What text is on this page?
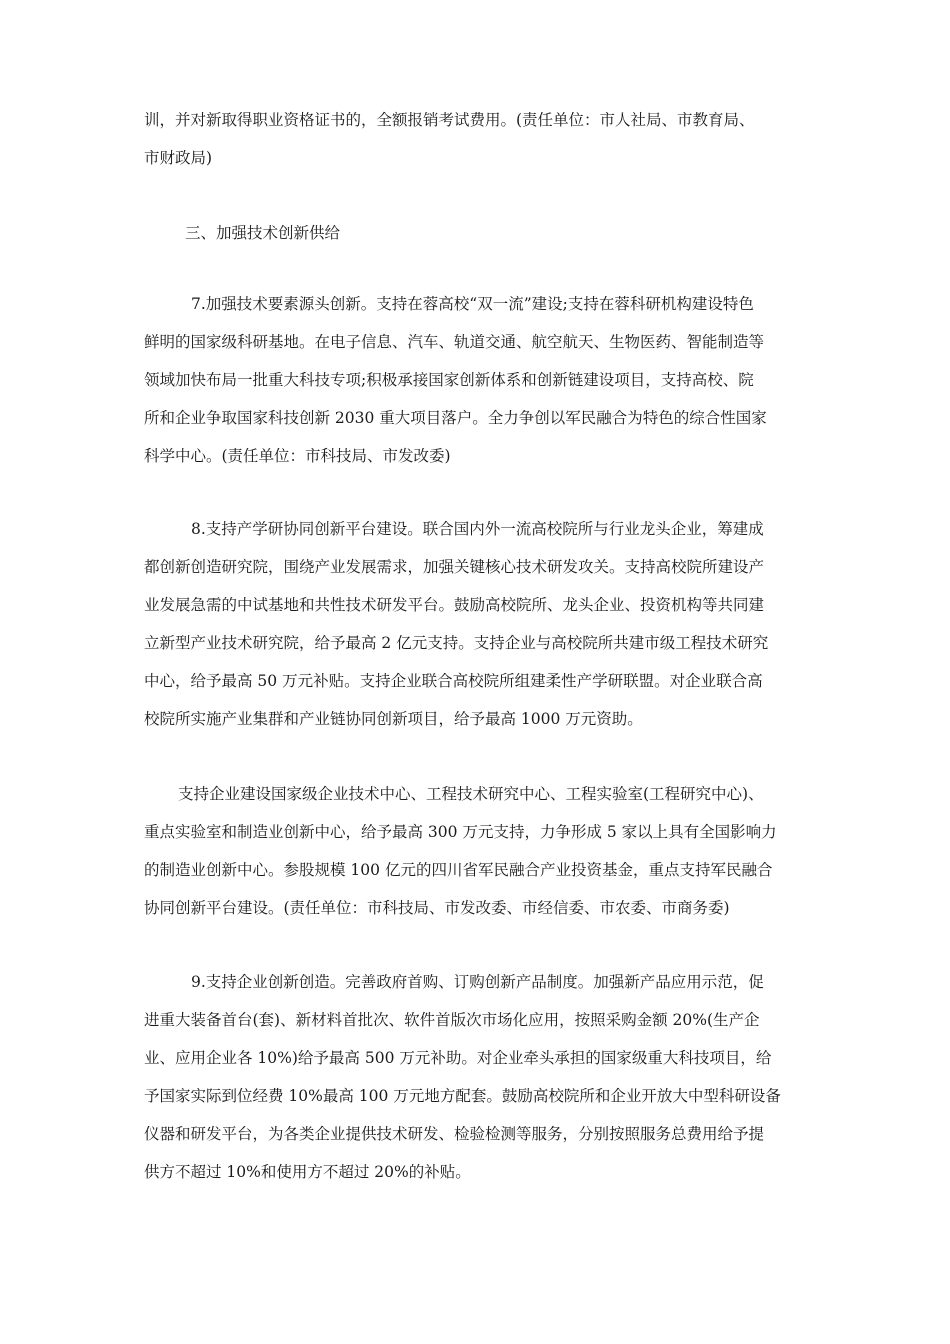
训，并对新取得职业资格证书的，全额报销考试费用。(责任单位：市人社局、市教育局、
市财政局)
三、加强技术创新供给
7.加强技术要素源头创新。支持在蓉高校“双一流”建设;支持在蓉科研机构建设特色
鲜明的国家级科研基地。在电子信息、汽车、轨道交通、航空航天、生物医药、智能制造等
领域加快布局一批重大科技专项;积极承接国家创新体系和创新链建设项目，支持高校、院
所和企业争取国家科技创新 2030 重大项目落户。全力争创以军民融合为特色的综合性国家
科学中心。(责任单位：市科技局、市发改委)
8.支持产学研协同创新平台建设。联合国内外一流高校院所与行业龙头企业，筹建成
都创新创造研究院，围绕产业发展需求，加强关键核心技术研发攻关。支持高校院所建设产
业发展急需的中试基地和共性技术研发平台。鼓励高校院所、龙头企业、投资机构等共同建
立新型产业技术研究院，给予最高 2 亿元支持。支持企业与高校院所共建市级工程技术研究
中心，给予最高 50 万元补贴。支持企业联合高校院所组建柔性产学研联盟。对企业联合高
校院所实施产业集群和产业链协同创新项目，给予最高 1000 万元资助。
支持企业建设国家级企业技术中心、工程技术研究中心、工程实验室(工程研究中心)、
重点实验室和制造业创新中心，给予最高 300 万元支持，力争形成 5 家以上具有全国影响力
的制造业创新中心。参股规模 100 亿元的四川省军民融合产业投资基金，重点支持军民融合
协同创新平台建设。(责任单位：市科技局、市发改委、市经信委、市农委、市商务委)
9.支持企业创新创造。完善政府首购、订购创新产品制度。加强新产品应用示范，促
进重大装备首台(套)、新材料首批次、软件首版次市场化应用，按照采购金额 20%(生产企
业、应用企业各 10%)给予最高 500 万元补助。对企业牵头承担的国家级重大科技项目，给
予国家实际到位经费 10%最高 100 万元地方配套。鼓励高校院所和企业开放大中型科研设备
仪器和研发平台，为各类企业提供技术研发、检验检测等服务，分别按照服务总费用给予提
供方不超过 10%和使用方不超过 20%的补贴。
